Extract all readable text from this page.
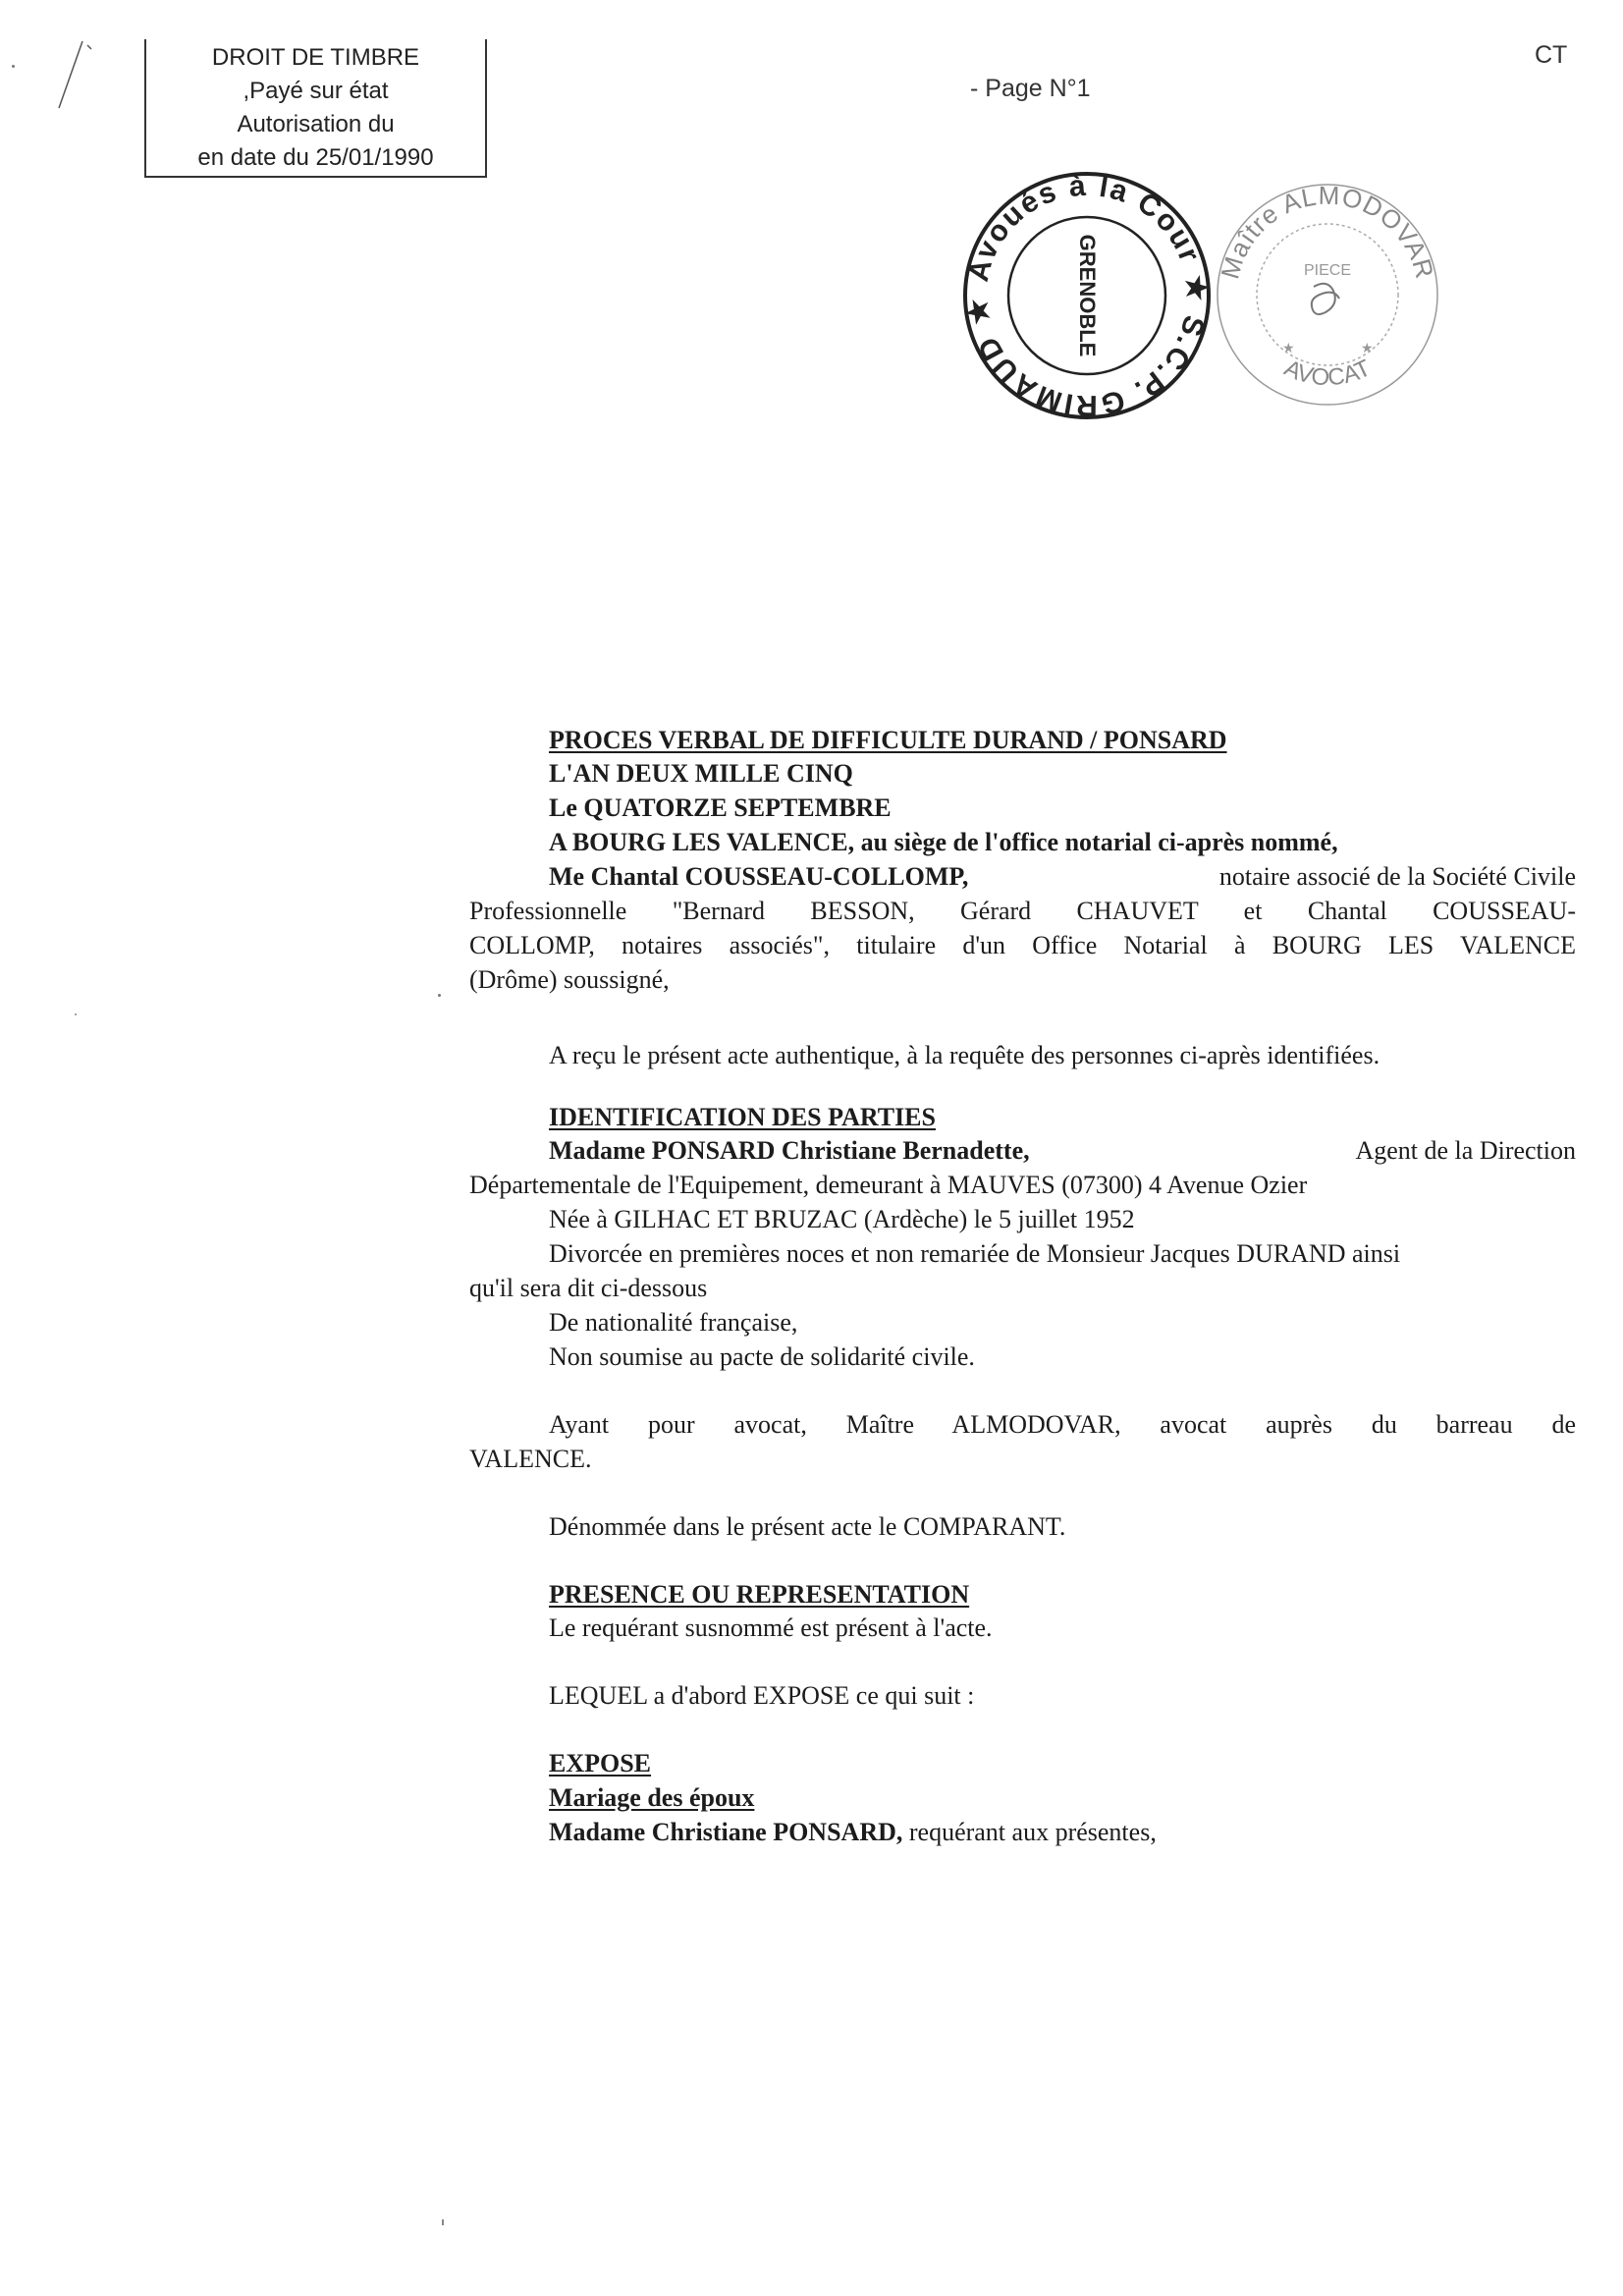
DROIT DE TIMBRE
,Payé sur état
Autorisation du
en date du 25/01/1990
- Page N°1
CT
Avoués à la Cour ★ S.C.P. GRIMAUD ★	GRENOBLE	Maître ALMODOVAR
AVOCAT
PIECE
★	★
PROCES VERBAL DE DIFFICULTE DURAND / PONSARD
L'AN DEUX MILLE CINQ
Le QUATORZE SEPTEMBRE
A BOURG LES VALENCE, au siège de l'office notarial ci-après nommé,
Me Chantal COUSSEAU-COLLOMP,	notaire associé de la Société Civile
Professionnelle "Bernard BESSON, Gérard CHAUVET et Chantal COUSSEAU-
COLLOMP, notaires associés", titulaire d'un Office Notarial à BOURG LES VALENCE
(Drôme) soussigné,
A reçu le présent acte authentique, à la requête des personnes ci-après identifiées.
IDENTIFICATION DES PARTIES
Madame PONSARD Christiane Bernadette,	Agent de la Direction
Départementale de l'Equipement, demeurant à MAUVES (07300) 4 Avenue Ozier
Née à GILHAC ET BRUZAC (Ardèche) le 5 juillet 1952
Divorcée en premières noces et non remariée de Monsieur Jacques DURAND ainsi
qu'il sera dit ci-dessous
De nationalité française,
Non soumise au pacte de solidarité civile.
Ayant pour avocat, Maître ALMODOVAR, avocat auprès du barreau de
VALENCE.
Dénommée dans le présent acte le COMPARANT.
PRESENCE OU REPRESENTATION
Le requérant susnommé est présent à l'acte.
LEQUEL a d'abord EXPOSE ce qui suit :
EXPOSE
Mariage des époux
Madame Christiane PONSARD, requérant aux présentes,
